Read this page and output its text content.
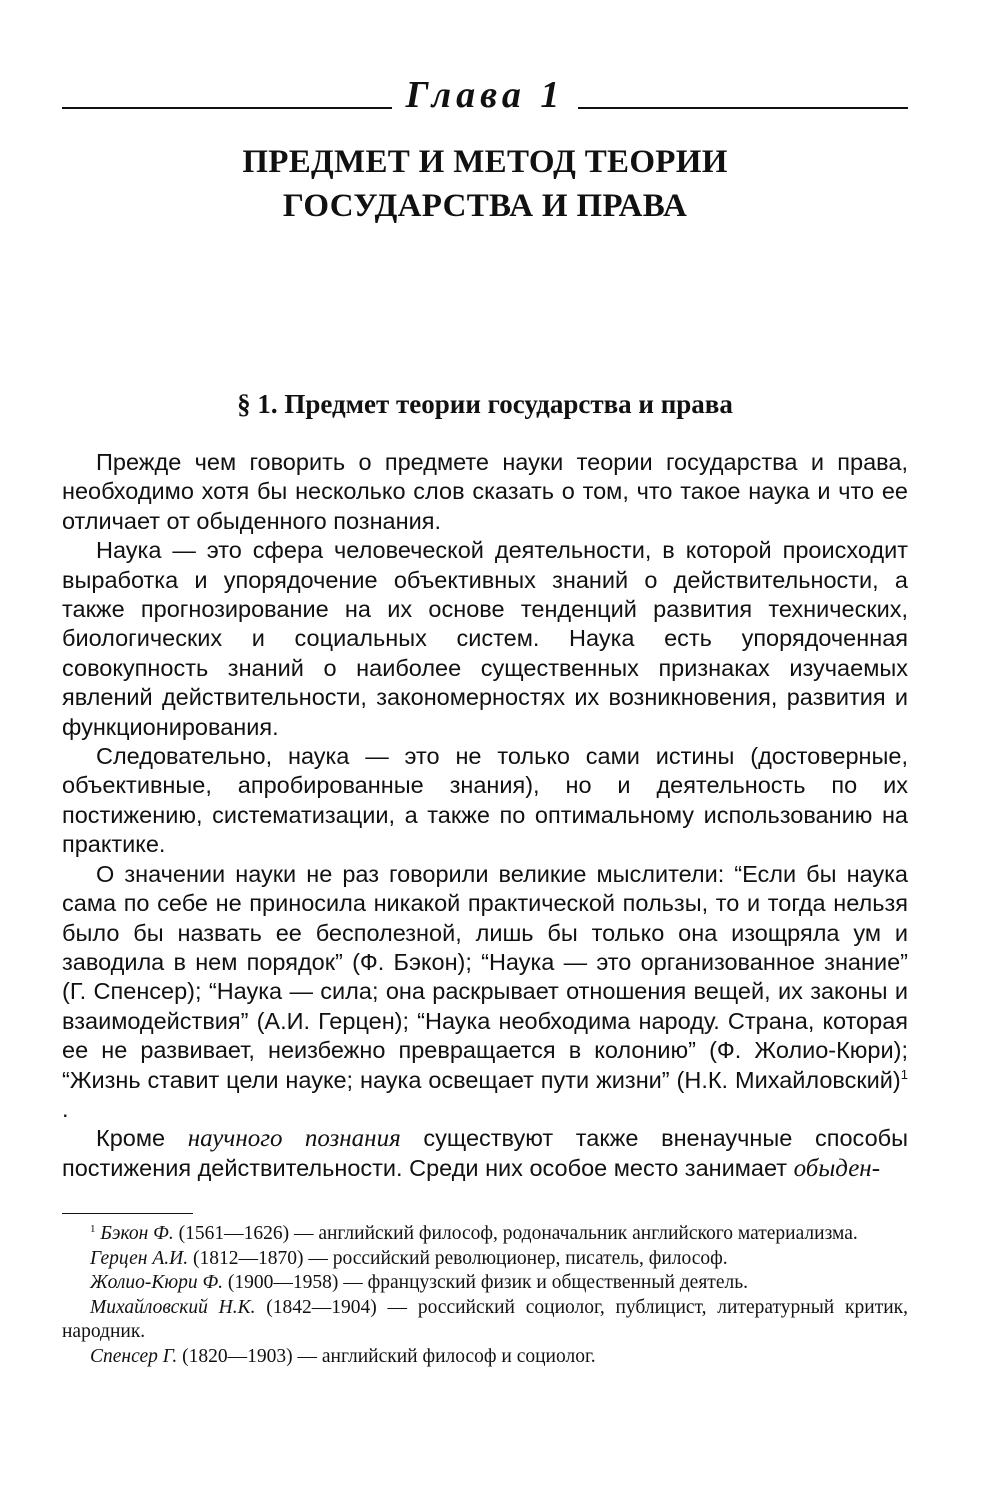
Глава 1
ПРЕДМЕТ И МЕТОД ТЕОРИИ
ГОСУДАРСТВА И ПРАВА
§ 1. Предмет теории государства и права

Прежде чем говорить о предмете науки теории государства и права, необходимо хотя бы несколько слов сказать о том, что такое наука и что ее отличает от обыденного познания.

Наука — это сфера человеческой деятельности, в которой происходит выработка и упорядочение объективных знаний о действительности, а также прогнозирование на их основе тенденций развития технических, биологических и социальных систем. Наука есть упорядоченная совокупность знаний о наиболее существенных признаках изучаемых явлений действительности, закономерностях их возникновения, развития и функционирования.

Следовательно, наука — это не только сами истины (достоверные, объективные, апробированные знания), но и деятельность по их постижению, систематизации, а также по оптимальному использованию на практике.

О значении науки не раз говорили великие мыслители: “Если бы наука сама по себе не приносила никакой практической пользы, то и тогда нельзя было бы назвать ее бесполезной, лишь бы только она изощряла ум и заводила в нем порядок” (Ф. Бэкон); “Наука — это организованное знание” (Г. Спенсер); “Наука — сила; она раскрывает отношения вещей, их законы и взаимодействия” (А.И. Герцен); “Наука необходима народу. Страна, которая ее не развивает, неизбежно превращается в колонию” (Ф. Жолио-Кюри); “Жизнь ставит цели науке; наука освещает пути жизни” (Н.К. Михайловский)$^1$ .

Кроме научного познания существуют также вненаучные способы постижения действительности. Среди них особое место занимает обыден-

$^1$ Бэкон Ф. (1561—1626) — английский философ, родоначальник английского материализма.

Герцен А.И. (1812—1870) — российский революционер, писатель, философ.

Жолио-Кюри Ф. (1900—1958) — французский физик и общественный деятель.

Михайловский Н.К. (1842—1904) — российский социолог, публицист, литературный критик, народник.

Спенсер Г. (1820—1903) — английский философ и социолог.
